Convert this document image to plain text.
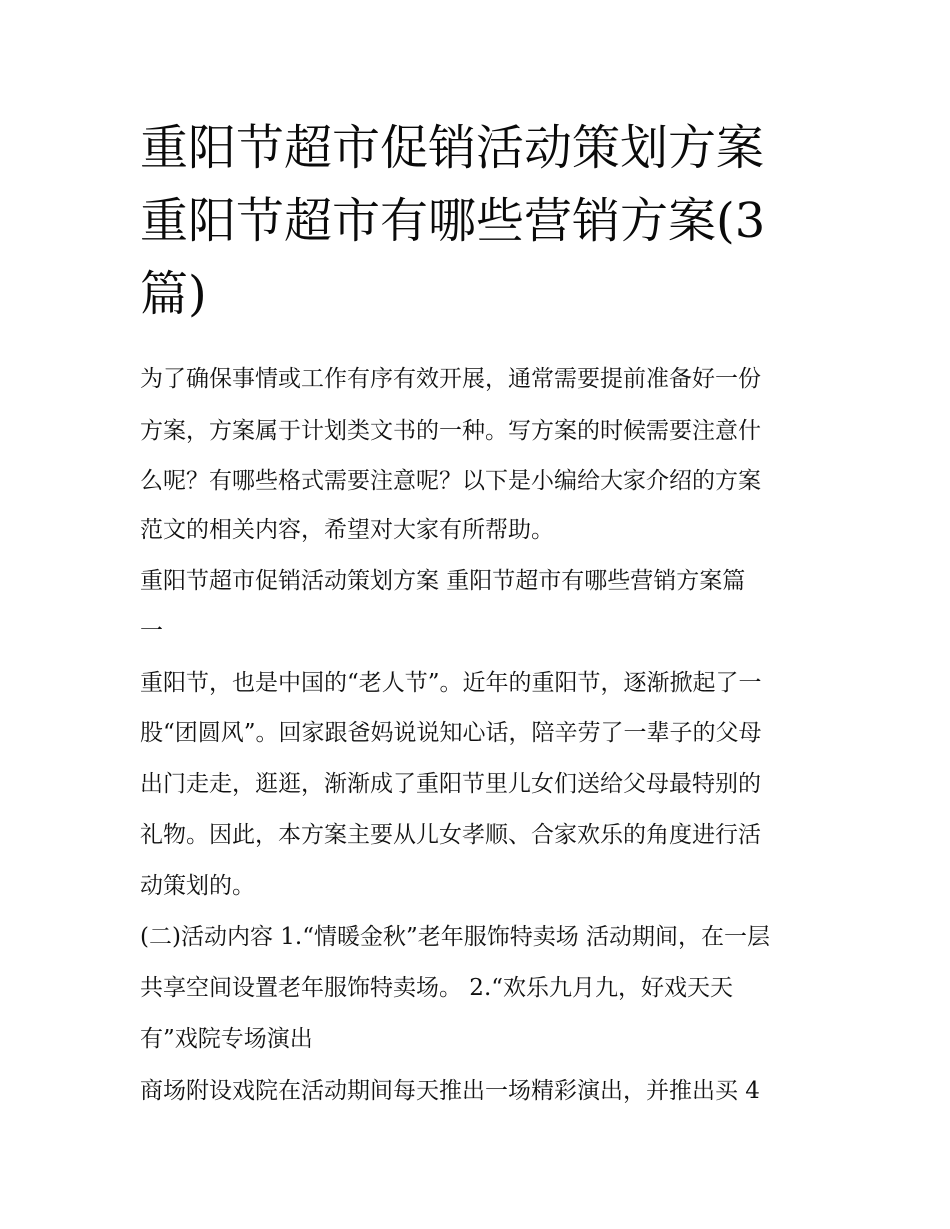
重阳节超市促销活动策划方案
重阳节超市有哪些营销方案(3
篇)
为了确保事情或工作有序有效开展，通常需要提前准备好一份
方案，方案属于计划类文书的一种。写方案的时候需要注意什
么呢？有哪些格式需要注意呢？以下是小编给大家介绍的方案
范文的相关内容，希望对大家有所帮助。
重阳节超市促销活动策划方案 重阳节超市有哪些营销方案篇
一
重阳节，也是中国的“老人节”。近年的重阳节，逐渐掀起了一
股“团圆风”。回家跟爸妈说说知心话，陪辛劳了一辈子的父母
出门走走，逛逛，渐渐成了重阳节里儿女们送给父母最特别的
礼物。因此，本方案主要从儿女孝顺、合家欢乐的角度进行活
动策划的。
(二)活动内容 1.“情暖金秋”老年服饰特卖场 活动期间，在一层
共享空间设置老年服饰特卖场。 2.“欢乐九月九，好戏天天
有”戏院专场演出
商场附设戏院在活动期间每天推出一场精彩演出，并推出买 4
